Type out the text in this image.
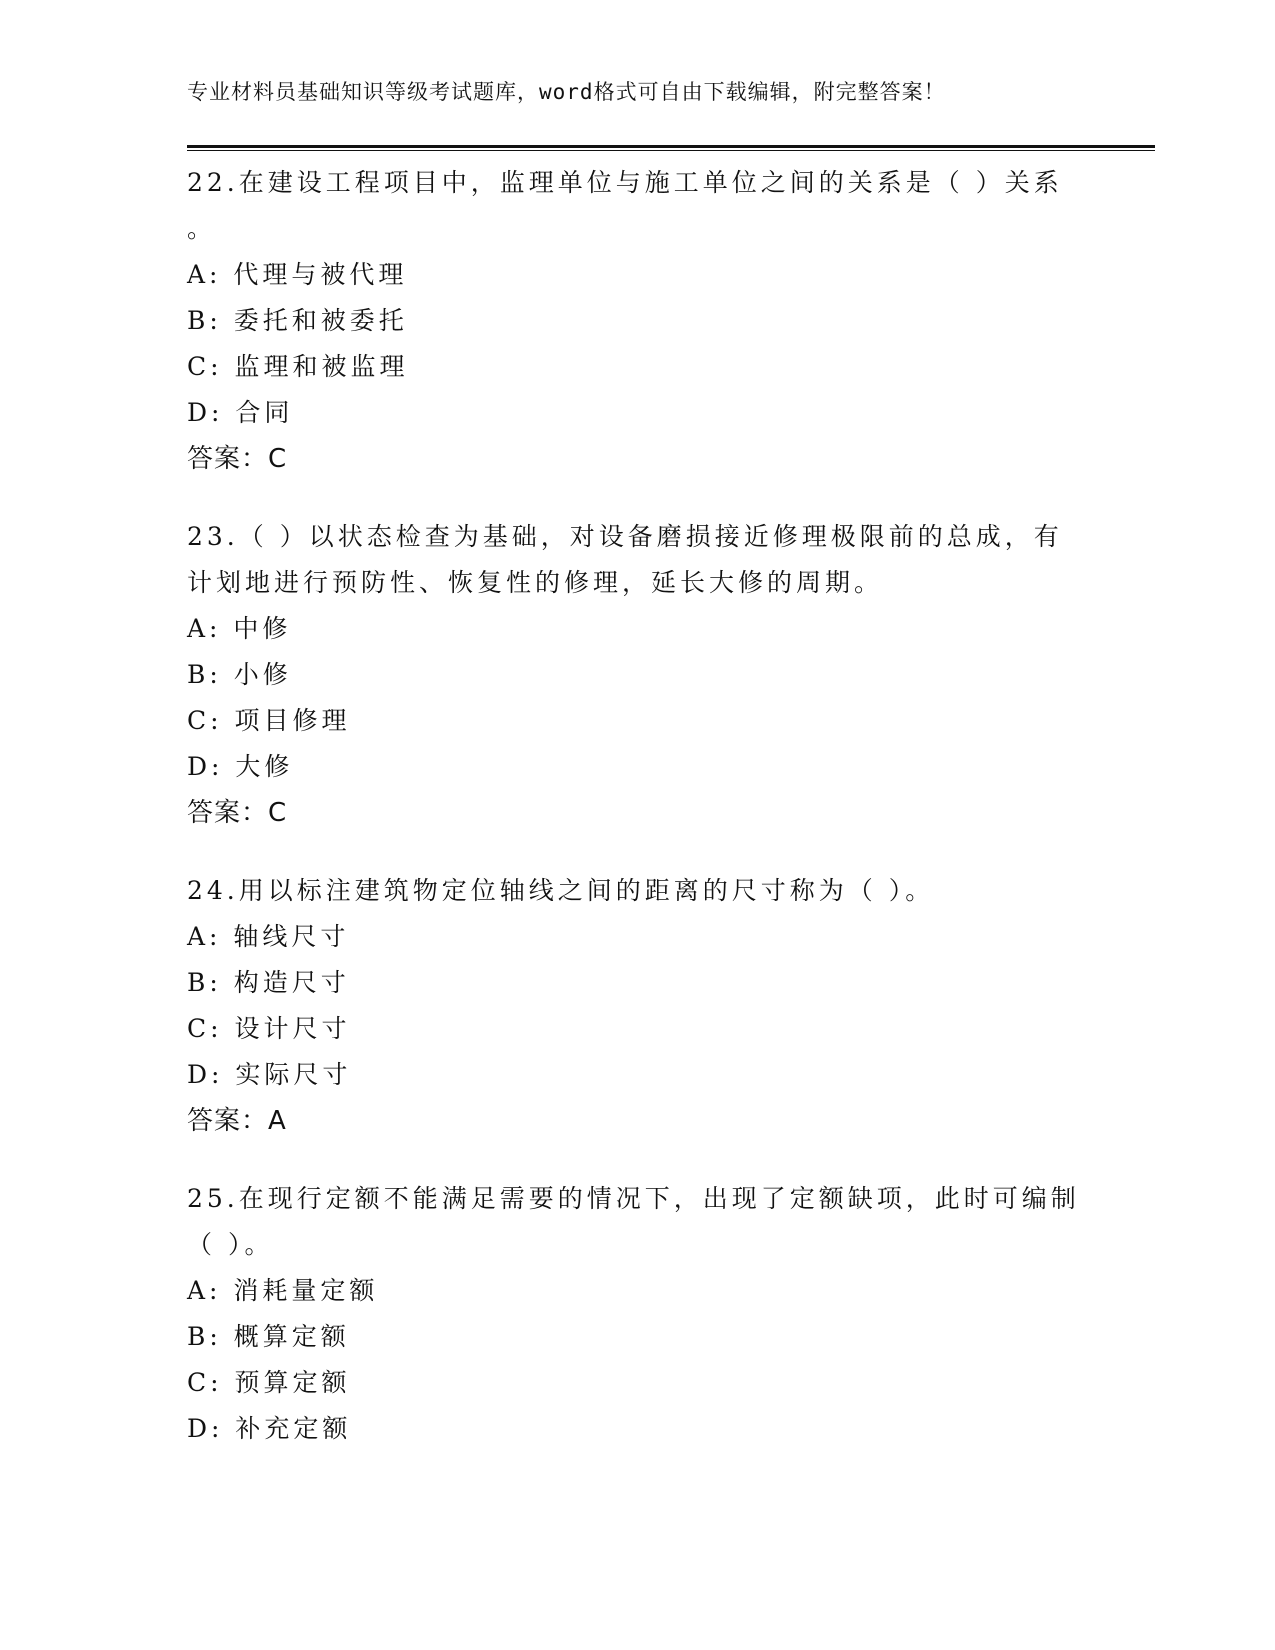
专业材料员基础知识等级考试题库，word格式可自由下载编辑，附完整答案！

22.在建设工程项目中，监理单位与施工单位之间的关系是（ ）关系

。

A: 代理与被代理

B: 委托和被委托

C: 监理和被监理

D: 合同

答案：C

23.（ ）以状态检查为基础，对设备磨损接近修理极限前的总成，有

计划地进行预防性、恢复性的修理，延长大修的周期。

A: 中修

B: 小修

C: 项目修理

D: 大修

答案：C

24.用以标注建筑物定位轴线之间的距离的尺寸称为（ ）。

A: 轴线尺寸

B: 构造尺寸

C: 设计尺寸

D: 实际尺寸

答案：A

25.在现行定额不能满足需要的情况下，出现了定额缺项，此时可编制

（ ）。

A: 消耗量定额

B: 概算定额

C: 预算定额

D: 补充定额
